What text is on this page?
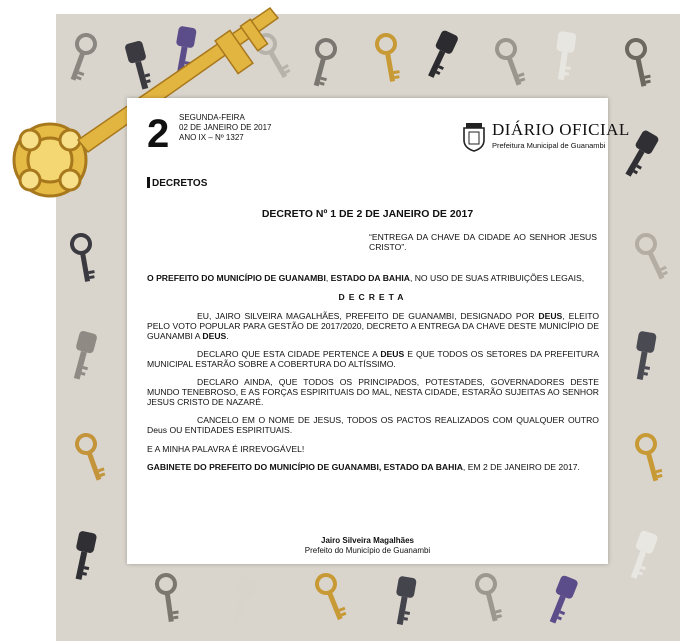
2 SEGUNDA-FEIRA
02 DE JANEIRO DE 2017
ANO IX – Nº 1327	DIÁRIO OFICIAL
Prefeitura Municipal de Guanambi
DECRETOS
DECRETO Nº 1 DE 2 DE JANEIRO DE 2017
“ENTREGA DA CHAVE DA CIDADE AO SENHOR JESUS CRISTO”.

O PREFEITO DO MUNICÍPIO DE GUANAMBI, ESTADO DA BAHIA, NO USO DE SUAS ATRIBUIÇÕES LEGAIS,

DECRETA

EU, JAIRO SILVEIRA MAGALHÃES, PREFEITO DE GUANAMBI, DESIGNADO POR DEUS, ELEITO PELO VOTO POPULAR PARA GESTÃO DE 2017/2020, DECRETO A ENTREGA DA CHAVE DESTE MUNICÍPIO DE GUANAMBI A DEUS.

DECLARO QUE ESTA CIDADE PERTENCE A DEUS E QUE TODOS OS SETORES DA PREFEITURA MUNICIPAL ESTARÃO SOBRE A COBERTURA DO ALTÍSSIMO.

DECLARO AINDA, QUE TODOS OS PRINCIPADOS, POTESTADES, GOVERNADORES DESTE MUNDO TENEBROSO, E AS FORÇAS ESPIRITUAIS DO MAL, NESTA CIDADE, ESTARÃO SUJEITAS AO SENHOR JESUS CRISTO DE NAZARÉ.

CANCELO EM O NOME DE JESUS, TODOS OS PACTOS REALIZADOS COM QUALQUER OUTRO Deus OU ENTIDADES ESPIRITUAIS.

E A MINHA PALAVRA É IRREVOGÁVEL!

GABINETE DO PREFEITO DO MUNICÍPIO DE GUANAMBI, ESTADO DA BAHIA, EM 2 DE JANEIRO DE 2017.

Jairo Silveira Magalhães
Prefeito do Município de Guanambi
